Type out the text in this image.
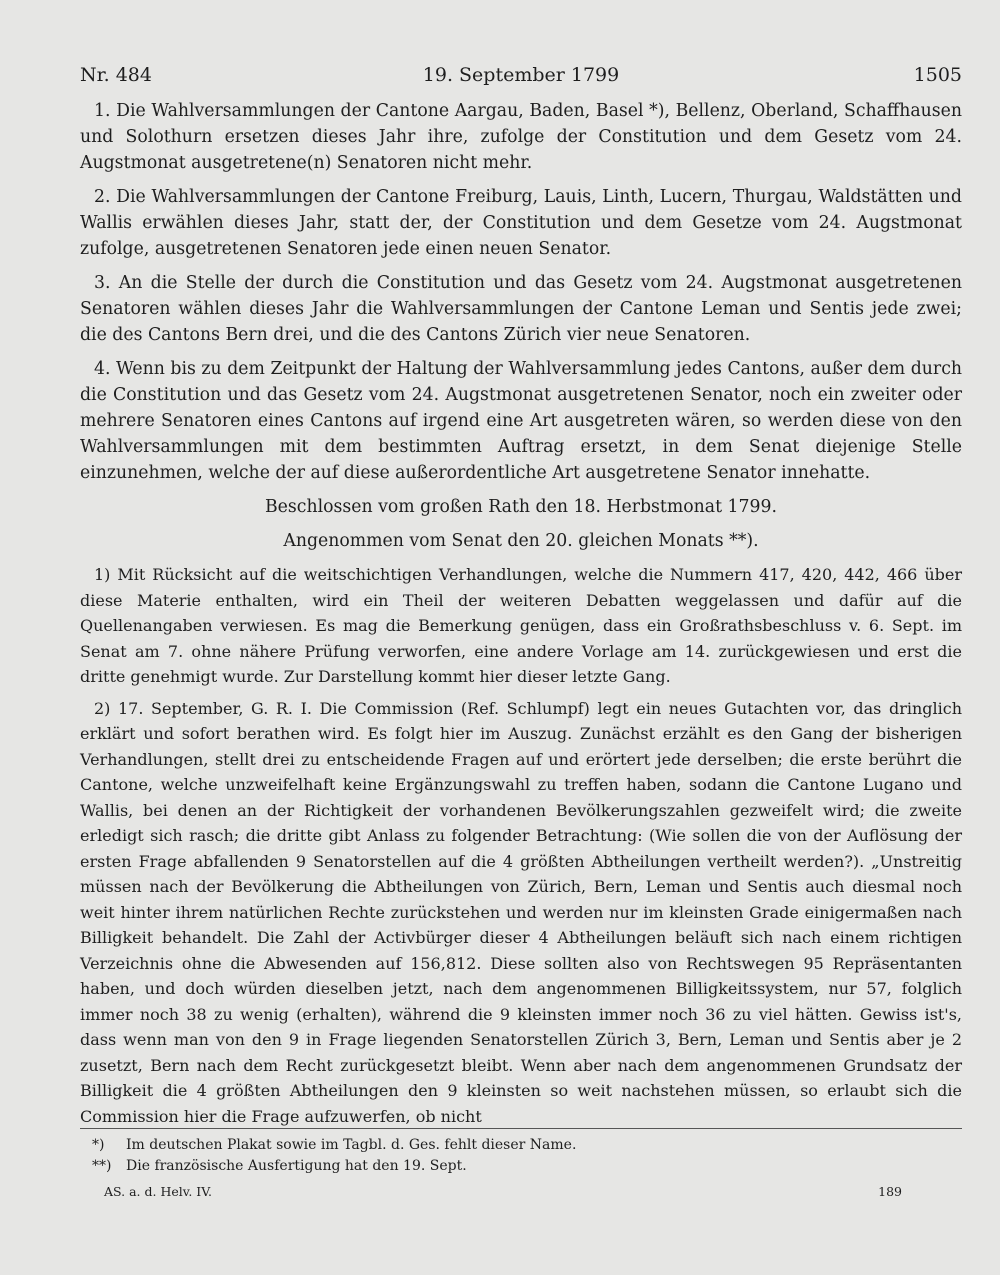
Nr. 484	19. September 1799	1505

1. Die Wahlversammlungen der Cantone Aargau, Baden, Basel *), Bellenz, Oberland, Schaffhausen und Solothurn ersetzen dieses Jahr ihre, zufolge der Constitution und dem Gesetz vom 24. Augstmonat ausgetretene(n) Senatoren nicht mehr.

2. Die Wahlversammlungen der Cantone Freiburg, Lauis, Linth, Lucern, Thurgau, Waldstätten und Wallis erwählen dieses Jahr, statt der, der Constitution und dem Gesetze vom 24. Augstmonat zufolge, ausgetretenen Senatoren jede einen neuen Senator.

3. An die Stelle der durch die Constitution und das Gesetz vom 24. Augstmonat ausgetretenen Senatoren wählen dieses Jahr die Wahlversammlungen der Cantone Leman und Sentis jede zwei; die des Cantons Bern drei, und die des Cantons Zürich vier neue Senatoren.

4. Wenn bis zu dem Zeitpunkt der Haltung der Wahlversammlung jedes Cantons, außer dem durch die Constitution und das Gesetz vom 24. Augstmonat ausgetretenen Senator, noch ein zweiter oder mehrere Senatoren eines Cantons auf irgend eine Art ausgetreten wären, so werden diese von den Wahlversammlungen mit dem bestimmten Auftrag ersetzt, in dem Senat diejenige Stelle einzunehmen, welche der auf diese außerordentliche Art ausgetretene Senator innehatte.

Beschlossen vom großen Rath den 18. Herbstmonat 1799.

Angenommen vom Senat den 20. gleichen Monats **).

1) Mit Rücksicht auf die weitschichtigen Verhandlungen, welche die Nummern 417, 420, 442, 466 über diese Materie enthalten, wird ein Theil der weiteren Debatten weggelassen und dafür auf die Quellenangaben verwiesen. Es mag die Bemerkung genügen, dass ein Großrathsbeschluss v. 6. Sept. im Senat am 7. ohne nähere Prüfung verworfen, eine andere Vorlage am 14. zurückgewiesen und erst die dritte genehmigt wurde. Zur Darstellung kommt hier dieser letzte Gang.

2) 17. September, G. R. I. Die Commission (Ref. Schlumpf) legt ein neues Gutachten vor, das dringlich erklärt und sofort berathen wird. Es folgt hier im Auszug. Zunächst erzählt es den Gang der bisherigen Verhandlungen, stellt drei zu entscheidende Fragen auf und erörtert jede derselben; die erste berührt die Cantone, welche unzweifelhaft keine Ergänzungswahl zu treffen haben, sodann die Cantone Lugano und Wallis, bei denen an der Richtigkeit der vorhandenen Bevölkerungszahlen gezweifelt wird; die zweite erledigt sich rasch; die dritte gibt Anlass zu folgender Betrachtung: (Wie sollen die von der Auflösung der ersten Frage abfallenden 9 Senatorstellen auf die 4 größten Abtheilungen vertheilt werden?). „Unstreitig müssen nach der Bevölkerung die Abtheilungen von Zürich, Bern, Leman und Sentis auch diesmal noch weit hinter ihrem natürlichen Rechte zurückstehen und werden nur im kleinsten Grade einigermaßen nach Billigkeit behandelt. Die Zahl der Activbürger dieser 4 Abtheilungen beläuft sich nach einem richtigen Verzeichnis ohne die Abwesenden auf 156,812. Diese sollten also von Rechtswegen 95 Repräsentanten haben, und doch würden dieselben jetzt, nach dem angenommenen Billigkeitssystem, nur 57, folglich immer noch 38 zu wenig (erhalten), während die 9 kleinsten immer noch 36 zu viel hätten. Gewiss ist's, dass wenn man von den 9 in Frage liegenden Senatorstellen Zürich 3, Bern, Leman und Sentis aber je 2 zusetzt, Bern nach dem Recht zurückgesetzt bleibt. Wenn aber nach dem angenommenen Grundsatz der Billigkeit die 4 größten Abtheilungen den 9 kleinsten so weit nachstehen müssen, so erlaubt sich die Commission hier die Frage aufzuwerfen, ob nicht

*) Im deutschen Plakat sowie im Tagbl. d. Ges. fehlt dieser Name.
**) Die französische Ausfertigung hat den 19. Sept.
AS. a. d. Helv. IV.	189
